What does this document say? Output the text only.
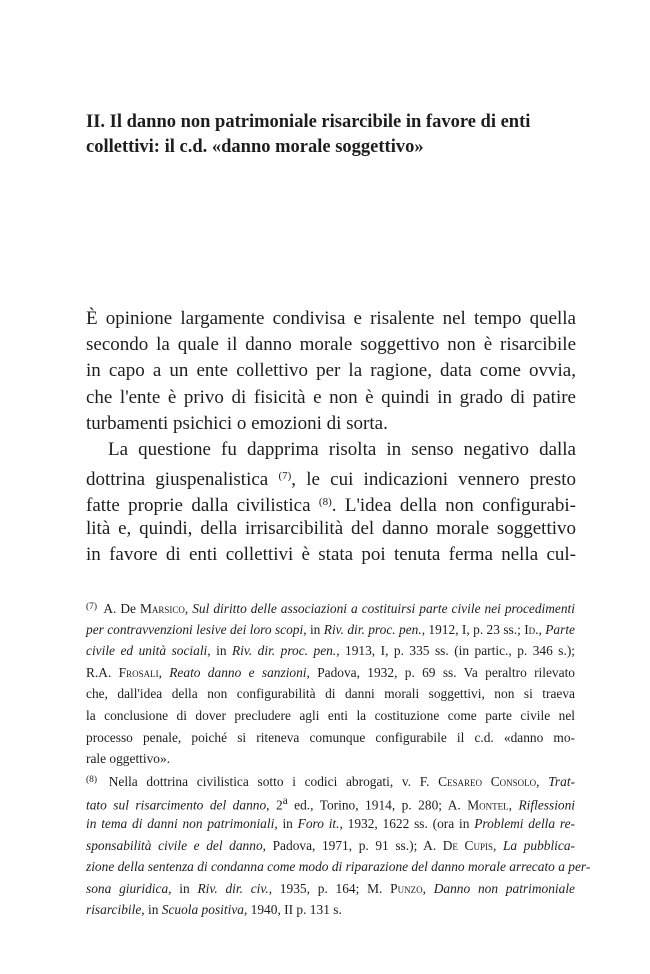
II. Il danno non patrimoniale risarcibile in favore di enti
collettivi: il c.d. «danno morale soggettivo»
È opinione largamente condivisa e risalente nel tempo quella
secondo la quale il danno morale soggettivo non è risarcibile
in capo a un ente collettivo per la ragione, data come ovvia,
che l'ente è privo di fisicità e non è quindi in grado di patire
turbamenti psichici o emozioni di sorta.
La questione fu dapprima risolta in senso negativo dalla
dottrina giuspenalistica $^{(7)}$, le cui indicazioni vennero presto
fatte proprie dalla civilistica $^{(8)}$. L'idea della non configurabi-
lità e, quindi, della irrisarcibilità del danno morale soggettivo
in favore di enti collettivi è stata poi tenuta ferma nella cul-
$^{(7)}$ A. De Marsico, Sul diritto delle associazioni a costituirsi parte civile nei procedimenti
per contravvenzioni lesive dei loro scopi, in Riv. dir. proc. pen., 1912, I, p. 23 ss.; Id., Parte
civile ed unità sociali, in Riv. dir. proc. pen., 1913, I, p. 335 ss. (in partic., p. 346 s.);
R.A. Frosali, Reato danno e sanzioni, Padova, 1932, p. 69 ss. Va peraltro rilevato
che, dall'idea della non configurabilità di danni morali soggettivi, non si traeva
la conclusione di dover precludere agli enti la costituzione come parte civile nel
processo penale, poiché si riteneva comunque configurabile il c.d. «danno mo-
rale oggettivo».
$^{(8)}$ Nella dottrina civilistica sotto i codici abrogati, v. F. Cesareo Consolo, Trat-
tato sul risarcimento del danno, 2$^a$ ed., Torino, 1914, p. 280; A. Montel, Riflessioni
in tema di danni non patrimoniali, in Foro it., 1932, 1622 ss. (ora in Problemi della re-
sponsabilità civile e del danno, Padova, 1971, p. 91 ss.); A. De Cupis, La pubblica-
zione della sentenza di condanna come modo di riparazione del danno morale arrecato a per-
sona giuridica, in Riv. dir. civ., 1935, p. 164; M. Punzo, Danno non patrimoniale
risarcibile, in Scuola positiva, 1940, II p. 131 s.
